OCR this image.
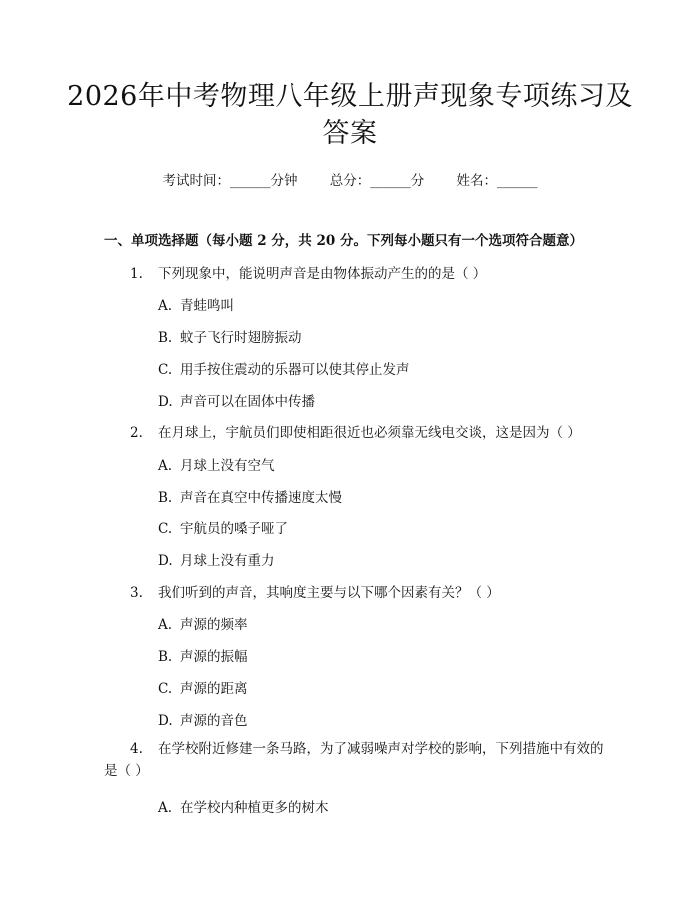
2026年中考物理八年级上册声现象专项练习及答案
考试时间：______分钟 总分：______分 姓名：______
一、单项选择题（每小题 2 分，共 20 分。下列每小题只有一个选项符合题意）
1. 下列现象中，能说明声音是由物体振动产生的的是（ ）
A. 青蛙鸣叫
B. 蚊子飞行时翅膀振动
C. 用手按住震动的乐器可以使其停止发声
D. 声音可以在固体中传播
2. 在月球上，宇航员们即使相距很近也必须靠无线电交谈，这是因为（ ）
A. 月球上没有空气
B. 声音在真空中传播速度太慢
C. 宇航员的嗓子哑了
D. 月球上没有重力
3. 我们听到的声音，其响度主要与以下哪个因素有关？（ ）
A. 声源的频率
B. 声源的振幅
C. 声源的距离
D. 声源的音色
4. 在学校附近修建一条马路，为了减弱噪声对学校的影响，下列措施中有效的是（ ）
A. 在学校内种植更多的树木
